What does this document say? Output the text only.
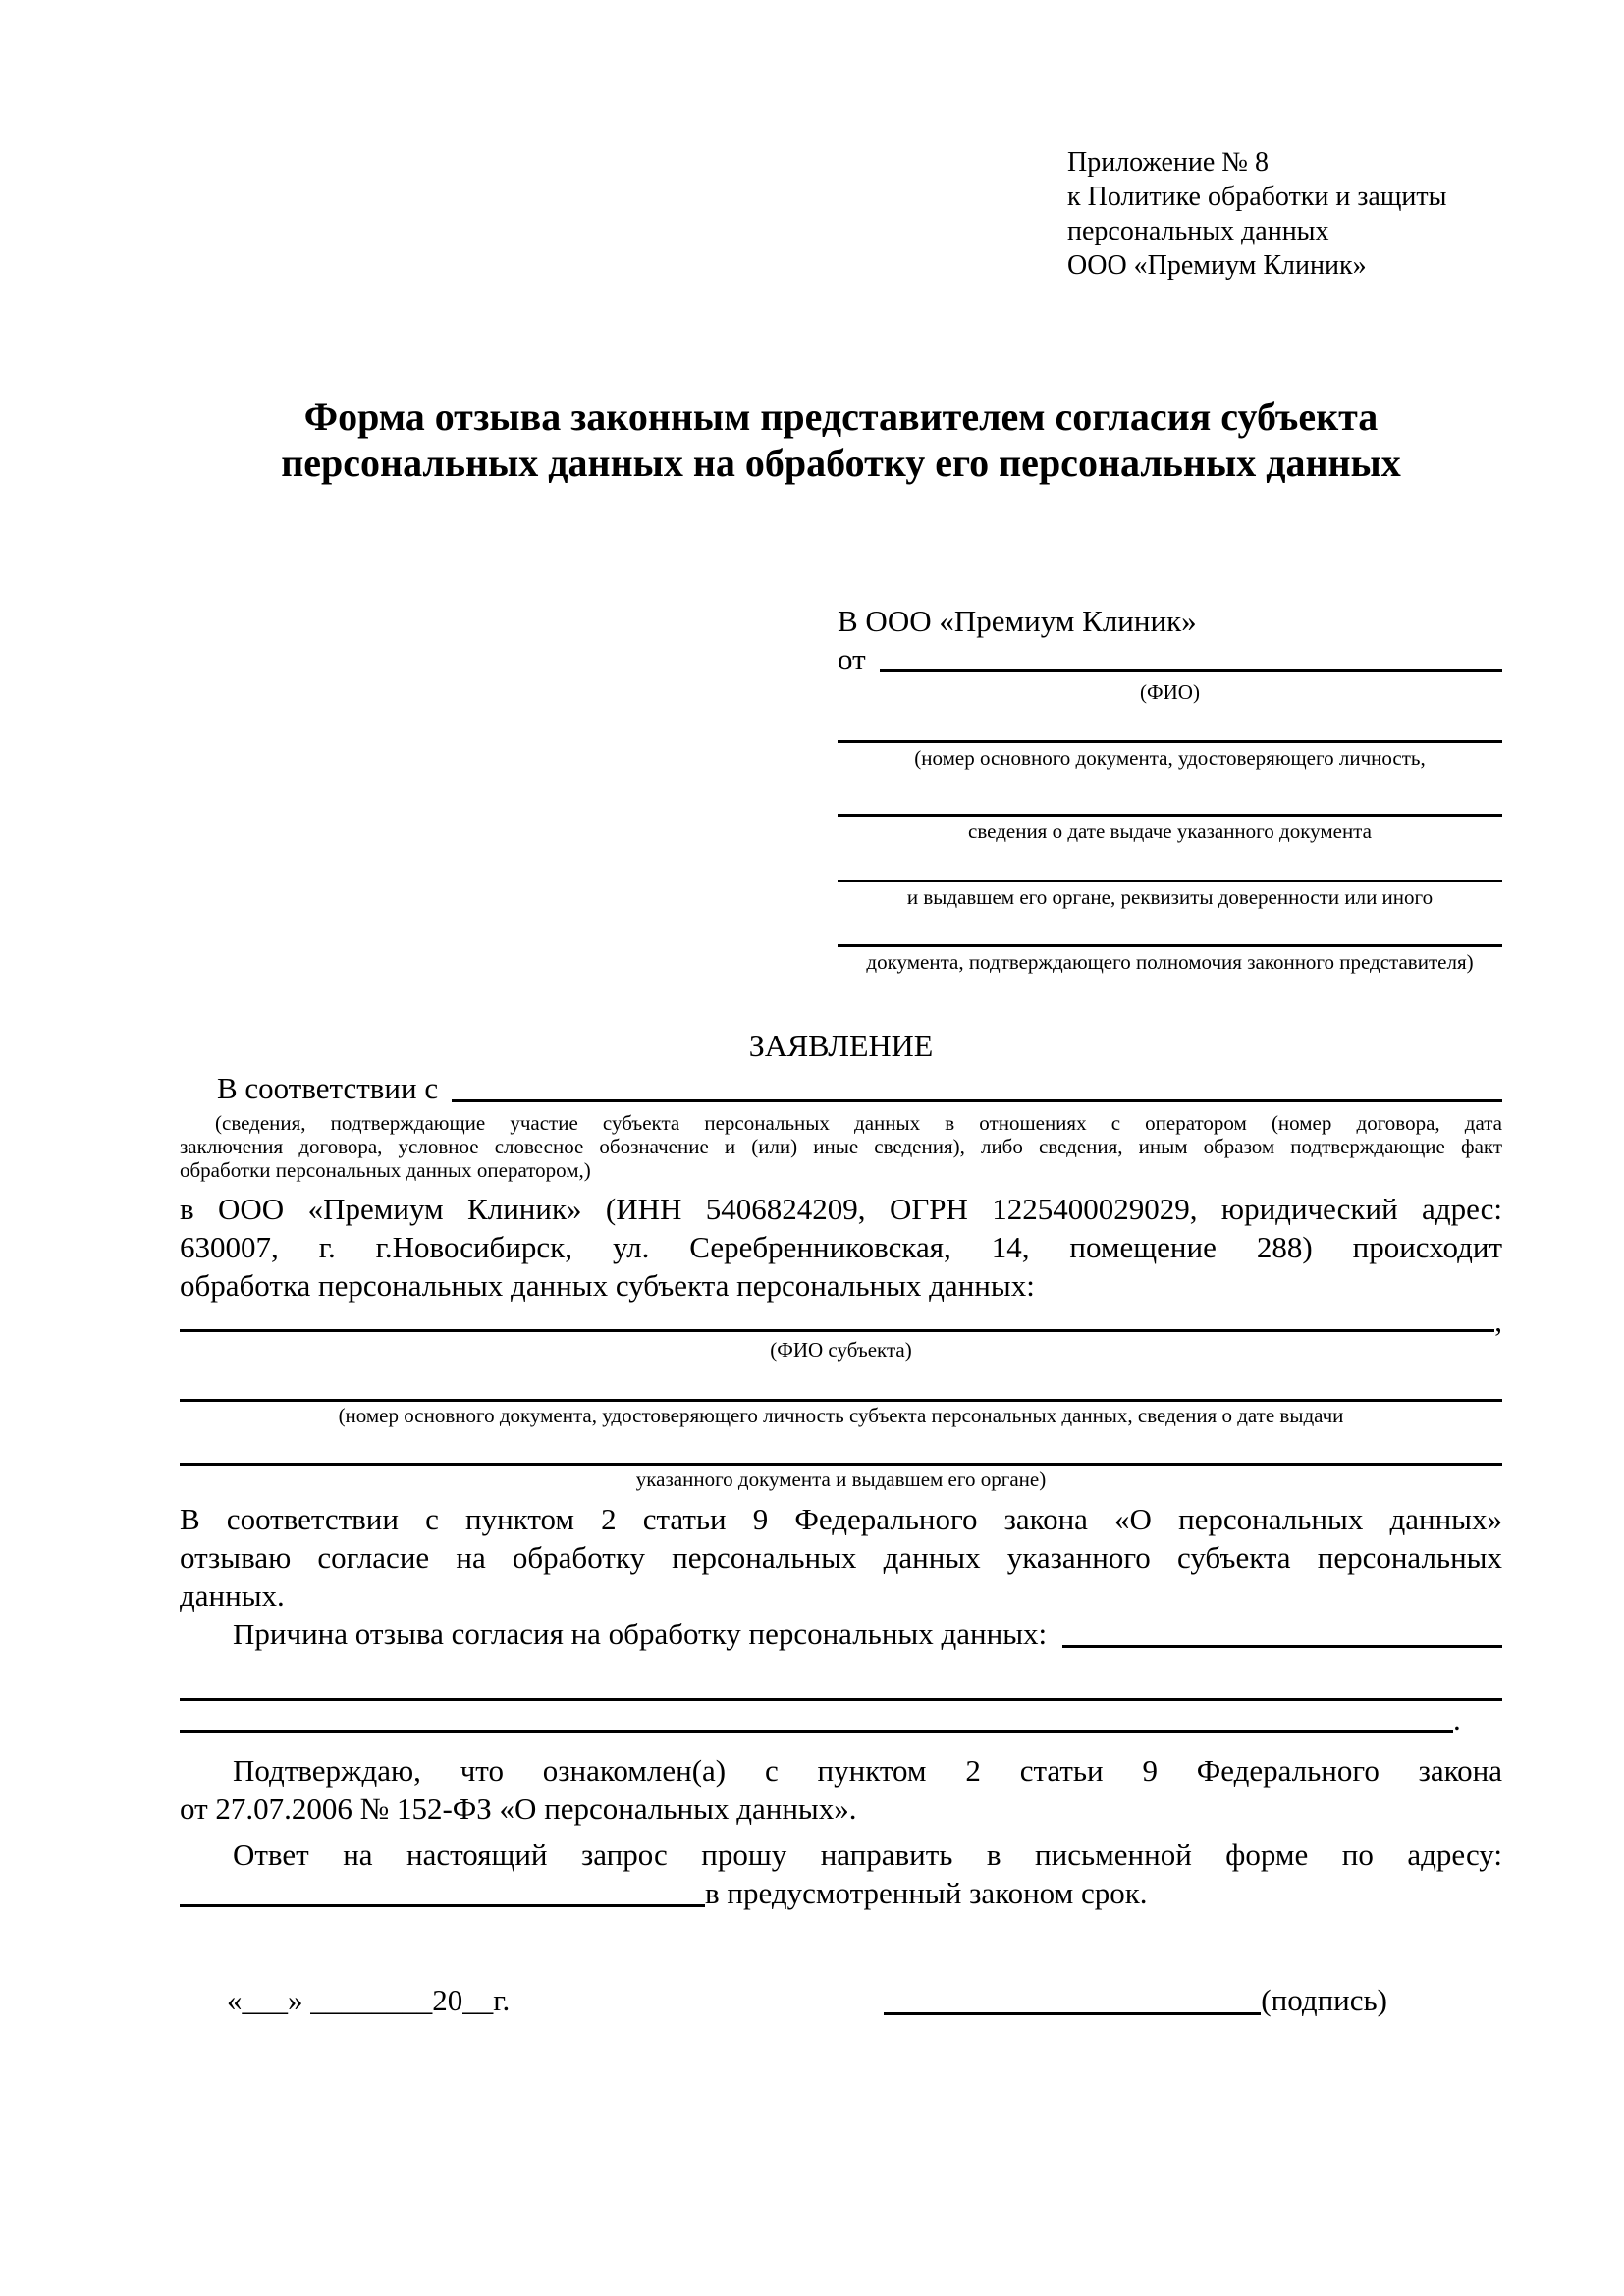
Приложение № 8
к Политике обработки и защиты
персональных данных
ООО «Премиум Клиник»
Форма отзыва законным представителем согласия субъекта
персональных данных на обработку его персональных данных
В ООО «Премиум Клиник»
от
(ФИО)
(номер основного документа, удостоверяющего личность,
сведения о дате выдаче указанного документа
и выдавшем его органе, реквизиты доверенности или иного
документа, подтверждающего полномочия законного представителя)
ЗАЯВЛЕНИЕ
В соответствии с
(сведения, подтверждающие участие субъекта персональных данных в отношениях с оператором (номер договора, дата
заключения договора, условное словесное обозначение и (или) иные сведения), либо сведения, иным образом подтверждающие факт
обработки персональных данных оператором,)
в ООО «Премиум Клиник» (ИНН 5406824209, ОГРН 1225400029029, юридический адрес:
630007, г. г.Новосибирск, ул. Серебренниковская, 14, помещение 288) происходит
обработка персональных данных субъекта персональных данных:
,
(ФИО субъекта)
(номер основного документа, удостоверяющего личность субъекта персональных данных, сведения о дате выдачи
указанного документа и выдавшем его органе)
В соответствии с пунктом 2 статьи 9 Федерального закона «О персональных данных»
отзываю согласие на обработку персональных данных указанного субъекта персональных
данных.
Причина отзыва согласия на обработку персональных данных:
.
Подтверждаю, что ознакомлен(а) с пунктом 2 статьи 9 Федерального закона
от 27.07.2006 № 152-ФЗ «О персональных данных».
Ответ на настоящий запрос прошу направить в письменной форме по адресу:
в предусмотренный законом срок.
«___» ________20__г.	(подпись)
